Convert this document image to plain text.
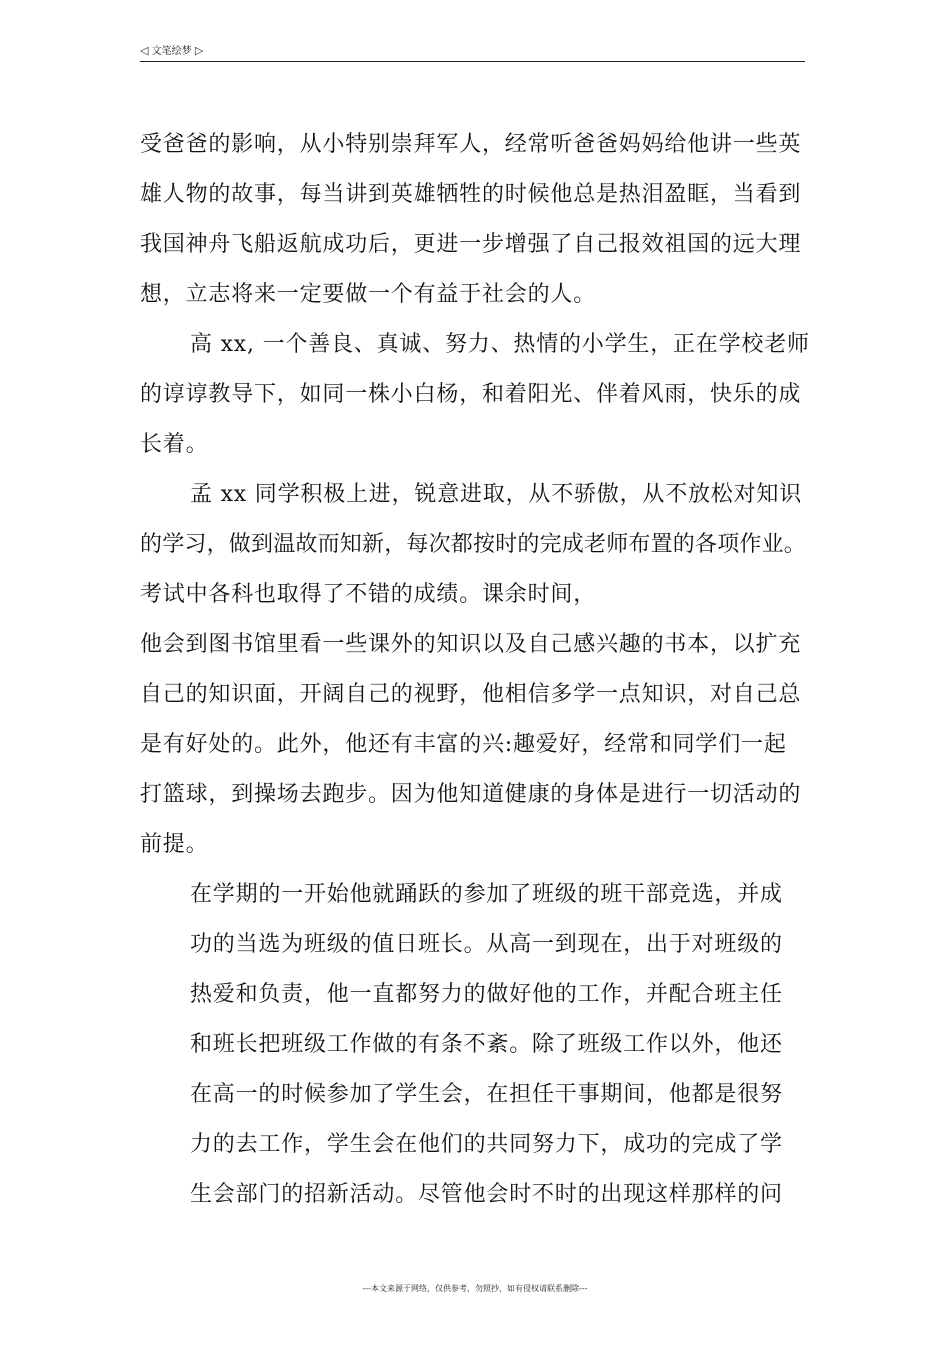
◁ 文笔绘梦 ▷
受爸爸的影响，从小特别崇拜军人，经常听爸爸妈妈给他讲一些英
雄人物的故事，每当讲到英雄牺牲的时候他总是热泪盈眶，当看到
我国神舟飞船返航成功后，更进一步增强了自己报效祖国的远大理
想，立志将来一定要做一个有益于社会的人。
高 xx, 一个善良、真诚、努力、热情的小学生，正在学校老师
的谆谆教导下，如同一株小白杨，和着阳光、伴着风雨，快乐的成
长着。
孟 xx 同学积极上进，锐意进取，从不骄傲，从不放松对知识
的学习，做到温故而知新，每次都按时的完成老师布置的各项作业。
考试中各科也取得了不错的成绩。课余时间，
他会到图书馆里看一些课外的知识以及自己感兴趣的书本，以扩充
自己的知识面，开阔自己的视野，他相信多学一点知识，对自己总
是有好处的。此外，他还有丰富的兴:趣爱好，经常和同学们一起
打篮球，到操场去跑步。因为他知道健康的身体是进行一切活动的
前提。
在学期的一开始他就踊跃的参加了班级的班干部竞选，并成
功的当选为班级的值日班长。从高一到现在，出于对班级的
热爱和负责，他一直都努力的做好他的工作，并配合班主任
和班长把班级工作做的有条不紊。除了班级工作以外，他还
在高一的时候参加了学生会，在担任干事期间，他都是很努
力的去工作，学生会在他们的共同努力下，成功的完成了学
生会部门的招新活动。尽管他会时不时的出现这样那样的问
---本文来源于网络，仅供参考，勿照抄，如有侵权请联系删除---
